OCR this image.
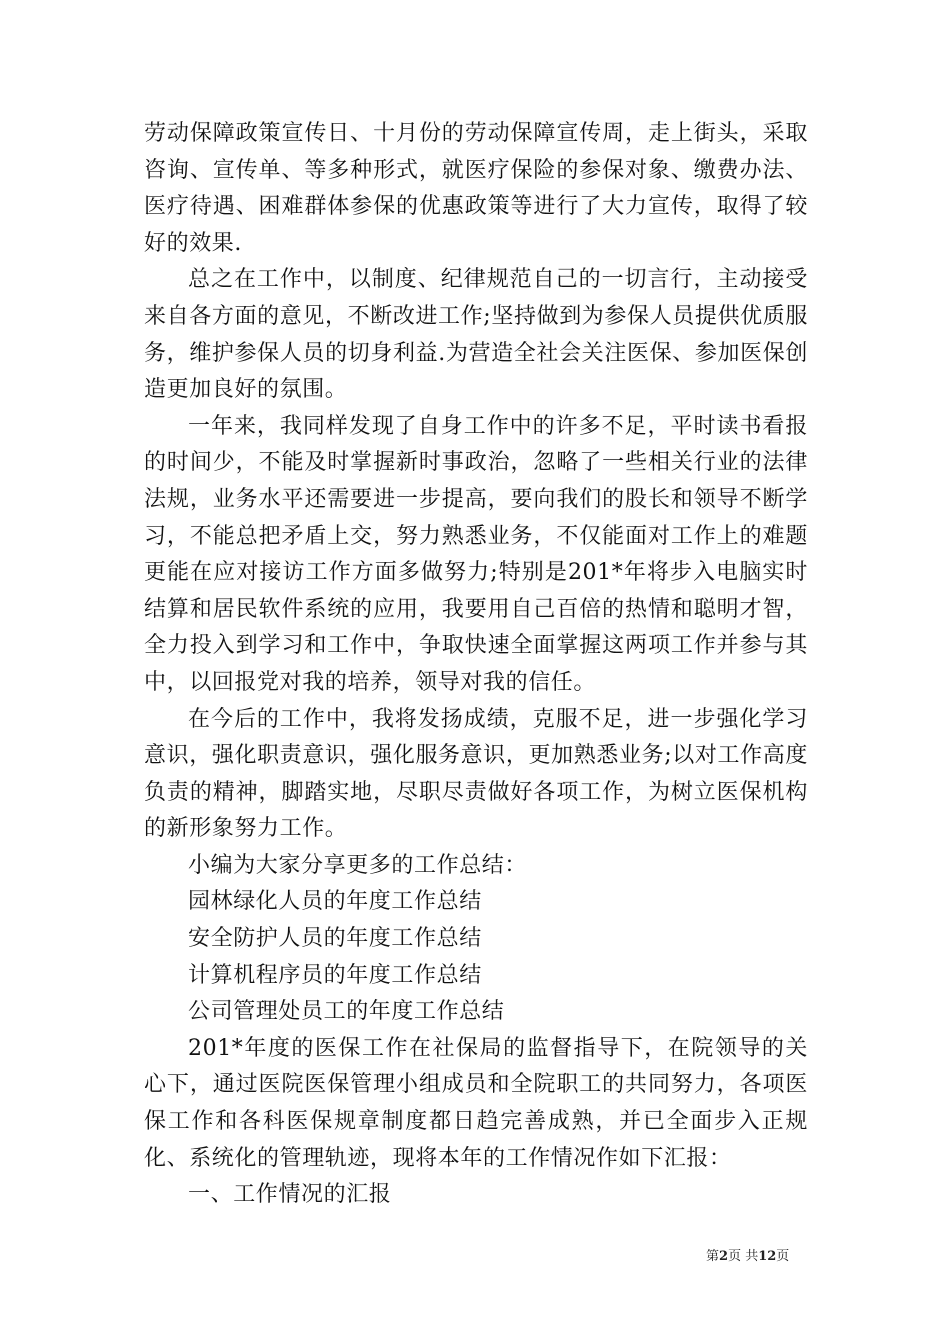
劳动保障政策宣传日、十月份的劳动保障宣传周，走上街头，采取咨询、宣传单、等多种形式，就医疗保险的参保对象、缴费办法、医疗待遇、困难群体参保的优惠政策等进行了大力宣传，取得了较好的效果.

总之在工作中，以制度、纪律规范自己的一切言行，主动接受来自各方面的意见，不断改进工作;坚持做到为参保人员提供优质服务，维护参保人员的切身利益.为营造全社会关注医保、参加医保创造更加良好的氛围。

一年来，我同样发现了自身工作中的许多不足，平时读书看报的时间少，不能及时掌握新时事政治，忽略了一些相关行业的法律法规，业务水平还需要进一步提高，要向我们的股长和领导不断学习，不能总把矛盾上交，努力熟悉业务，不仅能面对工作上的难题更能在应对接访工作方面多做努力;特别是201*年将步入电脑实时结算和居民软件系统的应用，我要用自己百倍的热情和聪明才智，全力投入到学习和工作中，争取快速全面掌握这两项工作并参与其中，以回报党对我的培养，领导对我的信任。

在今后的工作中，我将发扬成绩，克服不足，进一步强化学习意识，强化职责意识，强化服务意识，更加熟悉业务;以对工作高度负责的精神，脚踏实地，尽职尽责做好各项工作，为树立医保机构的新形象努力工作。

小编为大家分享更多的工作总结：

园林绿化人员的年度工作总结

安全防护人员的年度工作总结

计算机程序员的年度工作总结

公司管理处员工的年度工作总结

201*年度的医保工作在社保局的监督指导下，在院领导的关心下，通过医院医保管理小组成员和全院职工的共同努力，各项医保工作和各科医保规章制度都日趋完善成熟，并已全面步入正规化、系统化的管理轨迹，现将本年的工作情况作如下汇报：

一、工作情况的汇报

第2页 共12页
